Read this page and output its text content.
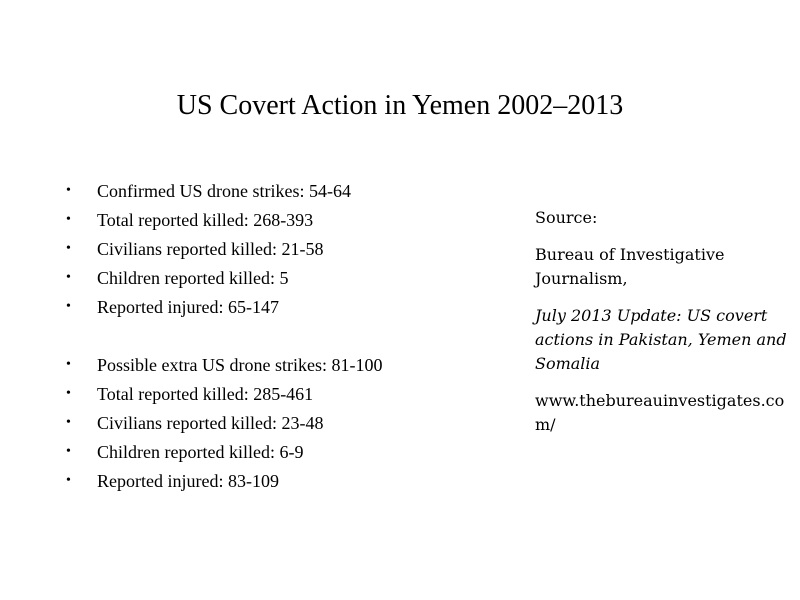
US Covert Action in Yemen 2002–2013
•	Confirmed US drone strikes: 54-64
•	Total reported killed: 268-393
•	Civilians reported killed: 21-58
•	Children reported killed: 5
•	Reported injured: 65-147
•	Possible extra US drone strikes: 81-100
•	Total reported killed: 285-461
•	Civilians reported killed: 23-48
•	Children reported killed: 6-9
•	Reported injured: 83-109

Source:

Bureau of Investigative Journalism,

July 2013 Update: US covert actions in Pakistan, Yemen and Somalia

www.thebureauinvestigates.com/
